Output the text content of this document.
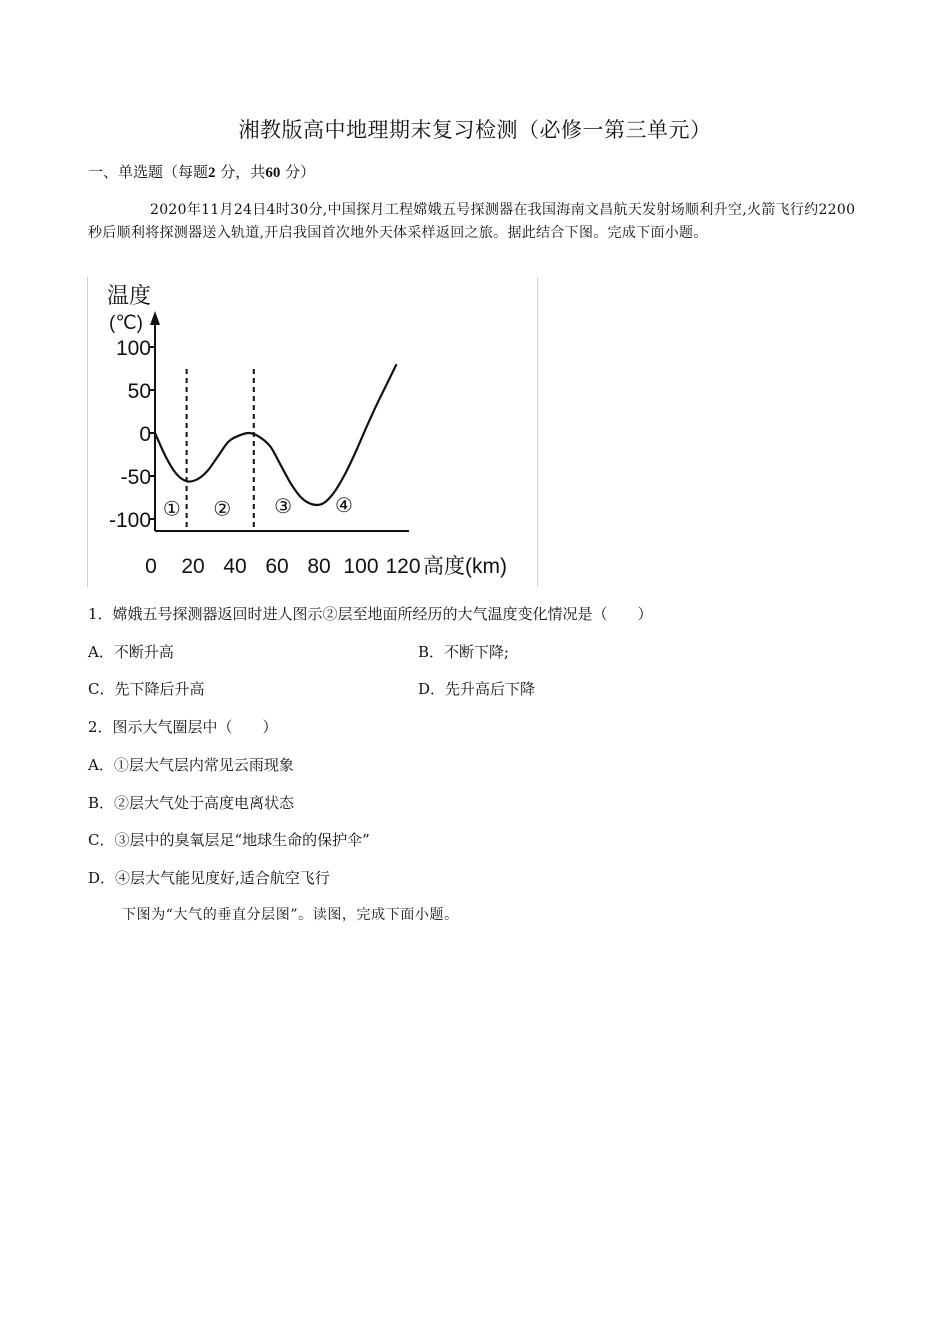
湘教版高中地理期末复习检测（必修一第三单元）
一、单选题（每题2 分，共60 分）
2020年11月24日4时30分,中国探月工程嫦娥五号探测器在我国海南文昌航天发射场顺利升空,火箭飞行约2200秒后顺利将探测器送入轨道,开启我国首次地外天体采样返回之旅。据此结合下图。完成下面小题。
温度
(℃)
100
50
0
-50
-100
0 20 40 60 80 100 120 高度(km)
① ② ③ ④
1．嫦娥五号探测器返回时进人图示②层至地面所经历的大气温度变化情况是（　　）
A．不断升高	B．不断下降;
C．先下降后升高	D．先升高后下降
2．图示大气圈层中（　　）
A．①层大气层内常见云雨现象
B．②层大气处于高度电离状态
C．③层中的臭氧层足“地球生命的保护伞”
D．④层大气能见度好,适合航空飞行
下图为“大气的垂直分层图”。读图，完成下面小题。
